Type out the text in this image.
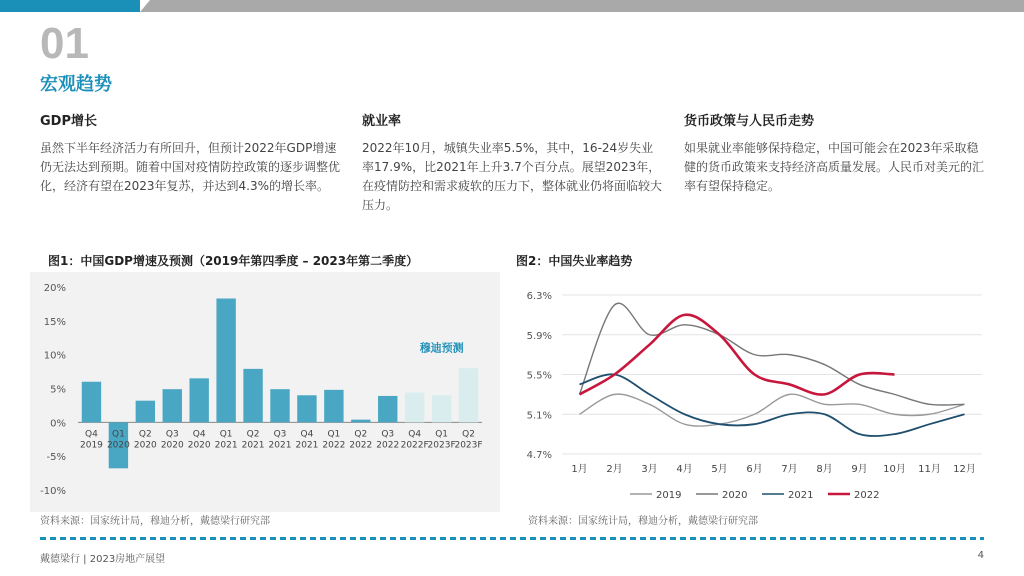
01
宏观趋势
GDP增长

虽然下半年经济活力有所回升，但预计2022年GDP增速仍无法达到预期。随着中国对疫情防控政策的逐步调整优化，经济有望在2023年复苏，并达到4.3%的增长率。

就业率

2022年10月，城镇失业率5.5%，其中，16-24岁失业率17.9%，比2021年上升3.7个百分点。展望2023年，在疫情防控和需求疲软的压力下，整体就业仍将面临较大压力。

货币政策与人民币走势

如果就业率能够保持稳定，中国可能会在2023年采取稳健的货币政策来支持经济高质量发展。人民币对美元的汇率有望保持稳定。

图1：中国GDP增速及预测（2019年第四季度 – 2023年第二季度）
-10%
-5%
0%
5%
10%
15%
20%
Q4
2019
Q1
2020
Q2
2020
Q3
2020
Q4
2020
Q1
2021
Q2
2021
Q3
2021
Q4
2021
Q1
2022
Q2
2022
Q3
2022
Q4
2022F
Q1
2023F
Q2
2023F
穆迪预测
图2：中国失业率趋势
4.7%
5.1%
5.5%
5.9%
6.3%
1月 2月 3月 4月 5月 6月 7月 8月 9月 10月 11月 12月
2019	2020	2021	2022
资料来源：国家统计局，穆迪分析，戴德梁行研究部	资料来源：国家统计局，穆迪分析，戴德梁行研究部
戴德梁行 | 2023房地产展望	4
